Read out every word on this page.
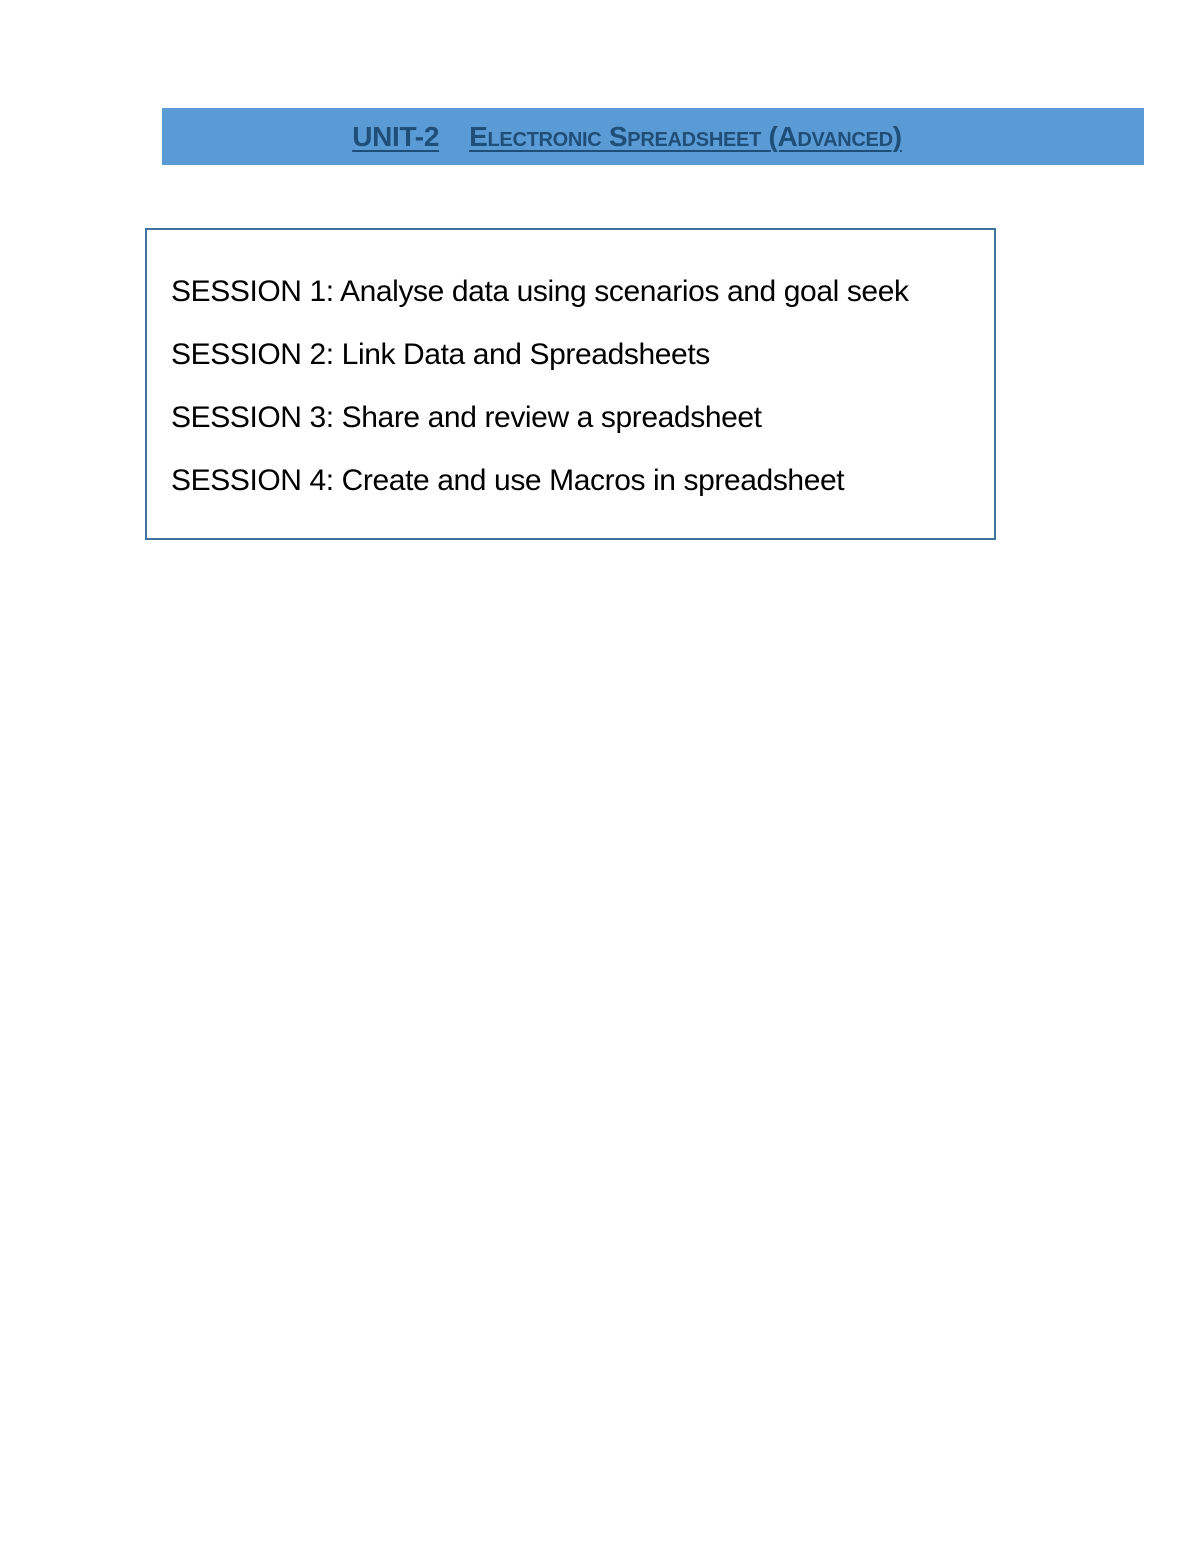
UNIT-2 Electronic Spreadsheet (Advanced)
SESSION 1: Analyse data using scenarios and goal seek
SESSION 2: Link Data and Spreadsheets
SESSION 3: Share and review a spreadsheet
SESSION 4: Create and use Macros in spreadsheet
